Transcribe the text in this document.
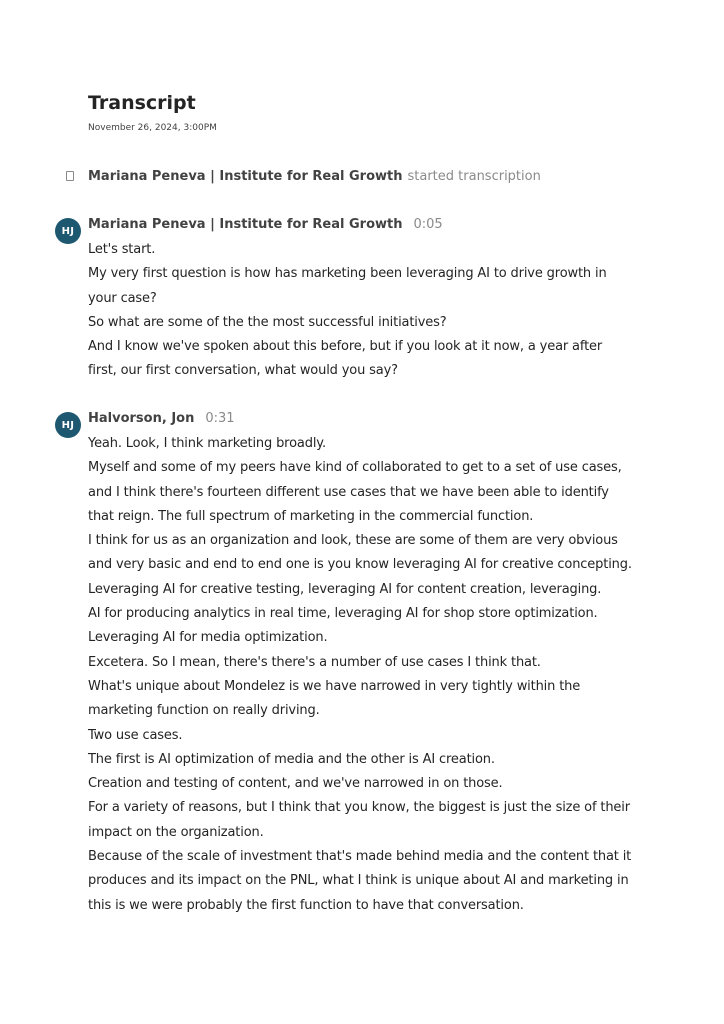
Transcript
November 26, 2024, 3:00PM
Mariana Peneva | Institute for Real Growth started transcription
HJ	Mariana Peneva | Institute for Real Growth 0:05
Let's start.
My very first question is how has marketing been leveraging AI to drive growth in
your case?
So what are some of the the most successful initiatives?
And I know we've spoken about this before, but if you look at it now, a year after
first, our first conversation, what would you say?
HJ	Halvorson, Jon 0:31
Yeah. Look, I think marketing broadly.
Myself and some of my peers have kind of collaborated to get to a set of use cases,
and I think there's fourteen different use cases that we have been able to identify
that reign. The full spectrum of marketing in the commercial function.
I think for us as an organization and look, these are some of them are very obvious
and very basic and end to end one is you know leveraging AI for creative concepting.
Leveraging AI for creative testing, leveraging AI for content creation, leveraging.
AI for producing analytics in real time, leveraging AI for shop store optimization.
Leveraging AI for media optimization.
Excetera. So I mean, there's there's a number of use cases I think that.
What's unique about Mondelez is we have narrowed in very tightly within the
marketing function on really driving.
Two use cases.
The first is AI optimization of media and the other is AI creation.
Creation and testing of content, and we've narrowed in on those.
For a variety of reasons, but I think that you know, the biggest is just the size of their
impact on the organization.
Because of the scale of investment that's made behind media and the content that it
produces and its impact on the PNL, what I think is unique about AI and marketing in
this is we were probably the first function to have that conversation.
